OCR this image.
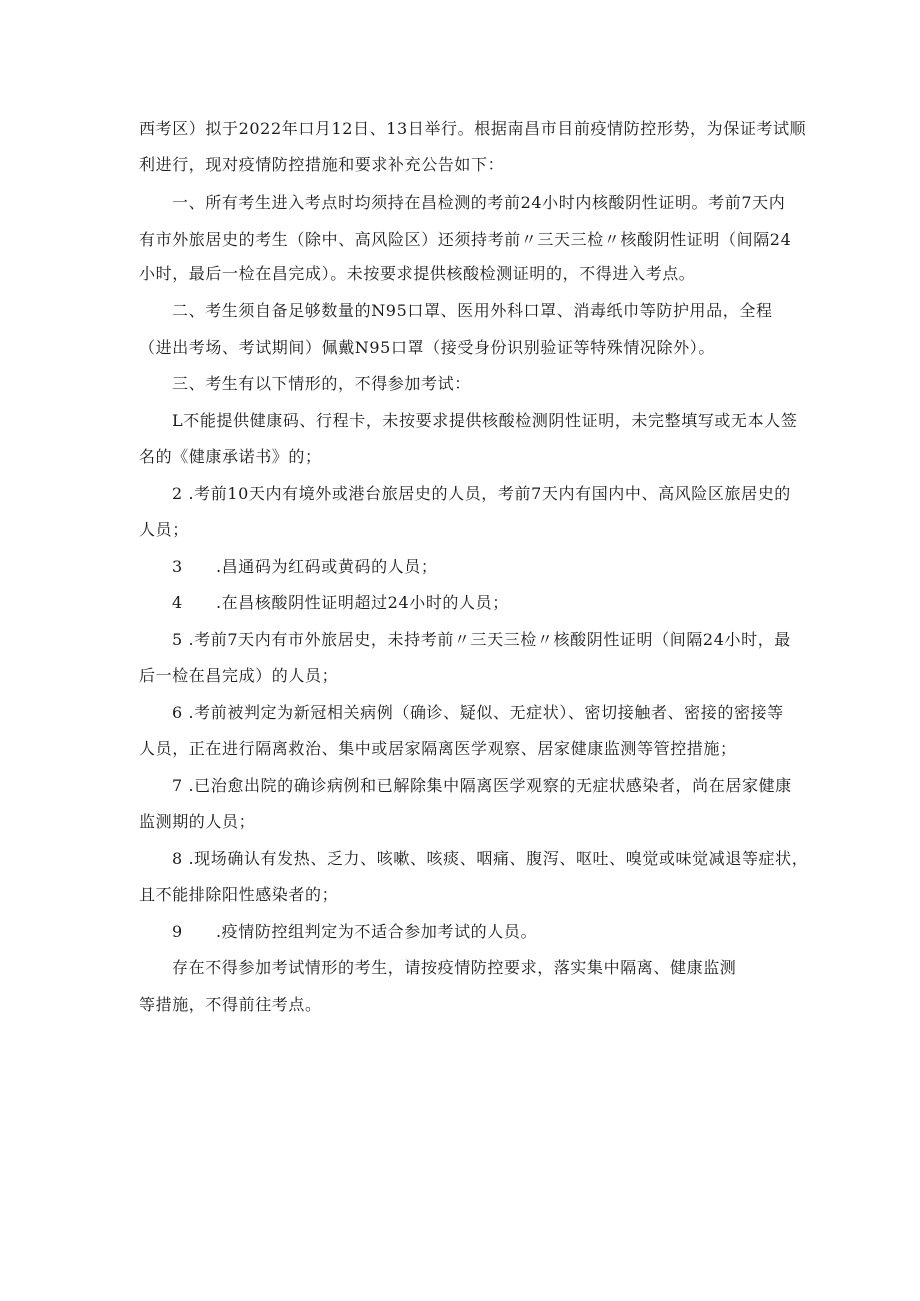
西考区）拟于2022年口月12日、13日举行。根据南昌市目前疫情防控形势，为保证考试顺

利进行，现对疫情防控措施和要求补充公告如下：

一、所有考生进入考点时均须持在昌检测的考前24小时内核酸阴性证明。考前7天内

有市外旅居史的考生（除中、高风险区）还须持考前〃三天三检〃核酸阴性证明（间隔24

小时，最后一检在昌完成）。未按要求提供核酸检测证明的，不得进入考点。

二、考生须自备足够数量的N95口罩、医用外科口罩、消毒纸巾等防护用品，全程

（进出考场、考试期间）佩戴N95口罩（接受身份识别验证等特殊情况除外）。

三、考生有以下情形的，不得参加考试：

L不能提供健康码、行程卡，未按要求提供核酸检测阴性证明，未完整填写或无本人签

名的《健康承诺书》的；

2 .考前10天内有境外或港台旅居史的人员，考前7天内有国内中、高风险区旅居史的

人员；

3　　.昌通码为红码或黄码的人员；

4　　.在昌核酸阴性证明超过24小时的人员；

5 .考前7天内有市外旅居史，未持考前〃三天三检〃核酸阴性证明（间隔24小时，最

后一检在昌完成）的人员；

6 .考前被判定为新冠相关病例（确诊、疑似、无症状）、密切接触者、密接的密接等

人员，正在进行隔离救治、集中或居家隔离医学观察、居家健康监测等管控措施；

7 .已治愈出院的确诊病例和已解除集中隔离医学观察的无症状感染者，尚在居家健康

监测期的人员；

8 .现场确认有发热、乏力、咳嗽、咳痰、咽痛、腹泻、呕吐、嗅觉或味觉减退等症状，

且不能排除阳性感染者的；

9　　.疫情防控组判定为不适合参加考试的人员。

存在不得参加考试情形的考生，请按疫情防控要求，落实集中隔离、健康监测

等措施，不得前往考点。
